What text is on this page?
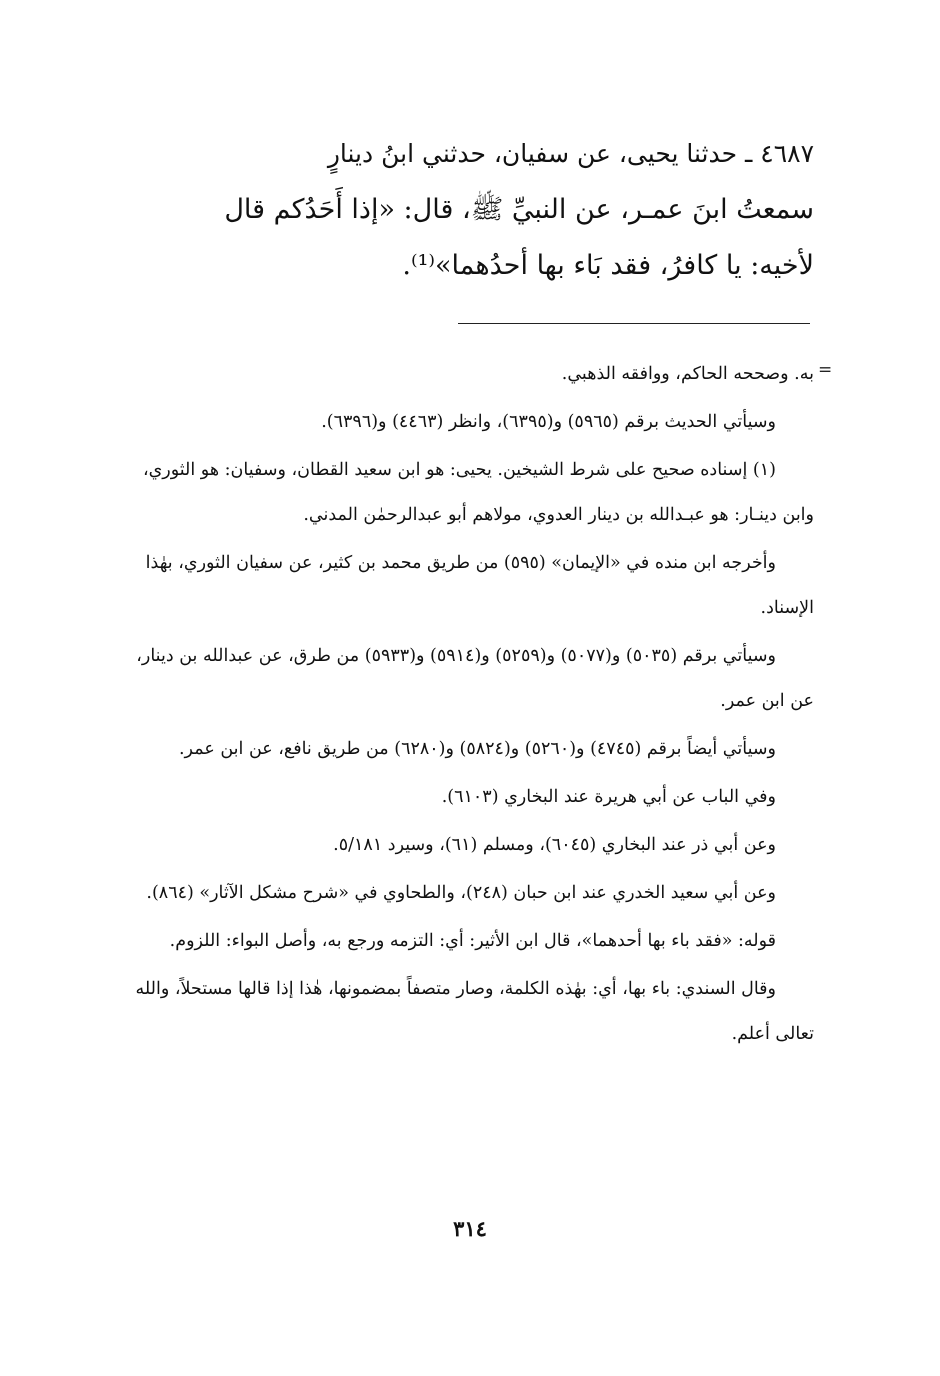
٤٦٨٧ ـ حدثنا يحيى، عن سفيان، حدثني ابنُ دينارٍ
سمعتُ ابنَ عمـر، عن النبيِّ ﷺ، قال: «إذا أَحَدُكم قال
لأخيه: يا كافرُ، فقد بَاء بها أحدُهما»⁽¹⁾.
=

به. وصححه الحاكم، ووافقه الذهبي.

وسيأتي الحديث برقم (٥٩٦٥) و(٦٣٩٥)، وانظر (٤٤٦٣) و(٦٣٩٦).

(١) إسناده صحيح على شرط الشيخين. يحيى: هو ابن سعيد القطان، وسفيان: هو الثوري، وابن دينـار: هو عبـدالله بن دينار العدوي، مولاهم أبو عبدالرحمٰن المدني.

وأخرجه ابن منده في «الإيمان» (٥٩٥) من طريق محمد بن كثير، عن سفيان الثوري، بهٰذا الإسناد.

وسيأتي برقم (٥٠٣٥) و(٥٠٧٧) و(٥٢٥٩) و(٥٩١٤) و(٥٩٣٣) من طرق، عن عبدالله بن دينار، عن ابن عمر.

وسيأتي أيضاً برقم (٤٧٤٥) و(٥٢٦٠) و(٥٨٢٤) و(٦٢٨٠) من طريق نافع، عن ابن عمر.

وفي الباب عن أبي هريرة عند البخاري (٦١٠٣).

وعن أبي ذر عند البخاري (٦٠٤٥)، ومسلم (٦١)، وسيرد ٥/١٨١.

وعن أبي سعيد الخدري عند ابن حبان (٢٤٨)، والطحاوي في «شرح مشكل الآثار» (٨٦٤).

قوله: «فقد باء بها أحدهما»، قال ابن الأثير: أي: التزمه ورجع به، وأصل البواء: اللزوم.

وقال السندي: باء بها، أي: بهٰذه الكلمة، وصار متصفاً بمضمونها، هٰذا إذا قالها مستحلاً، والله تعالى أعلم.

٣١٤
